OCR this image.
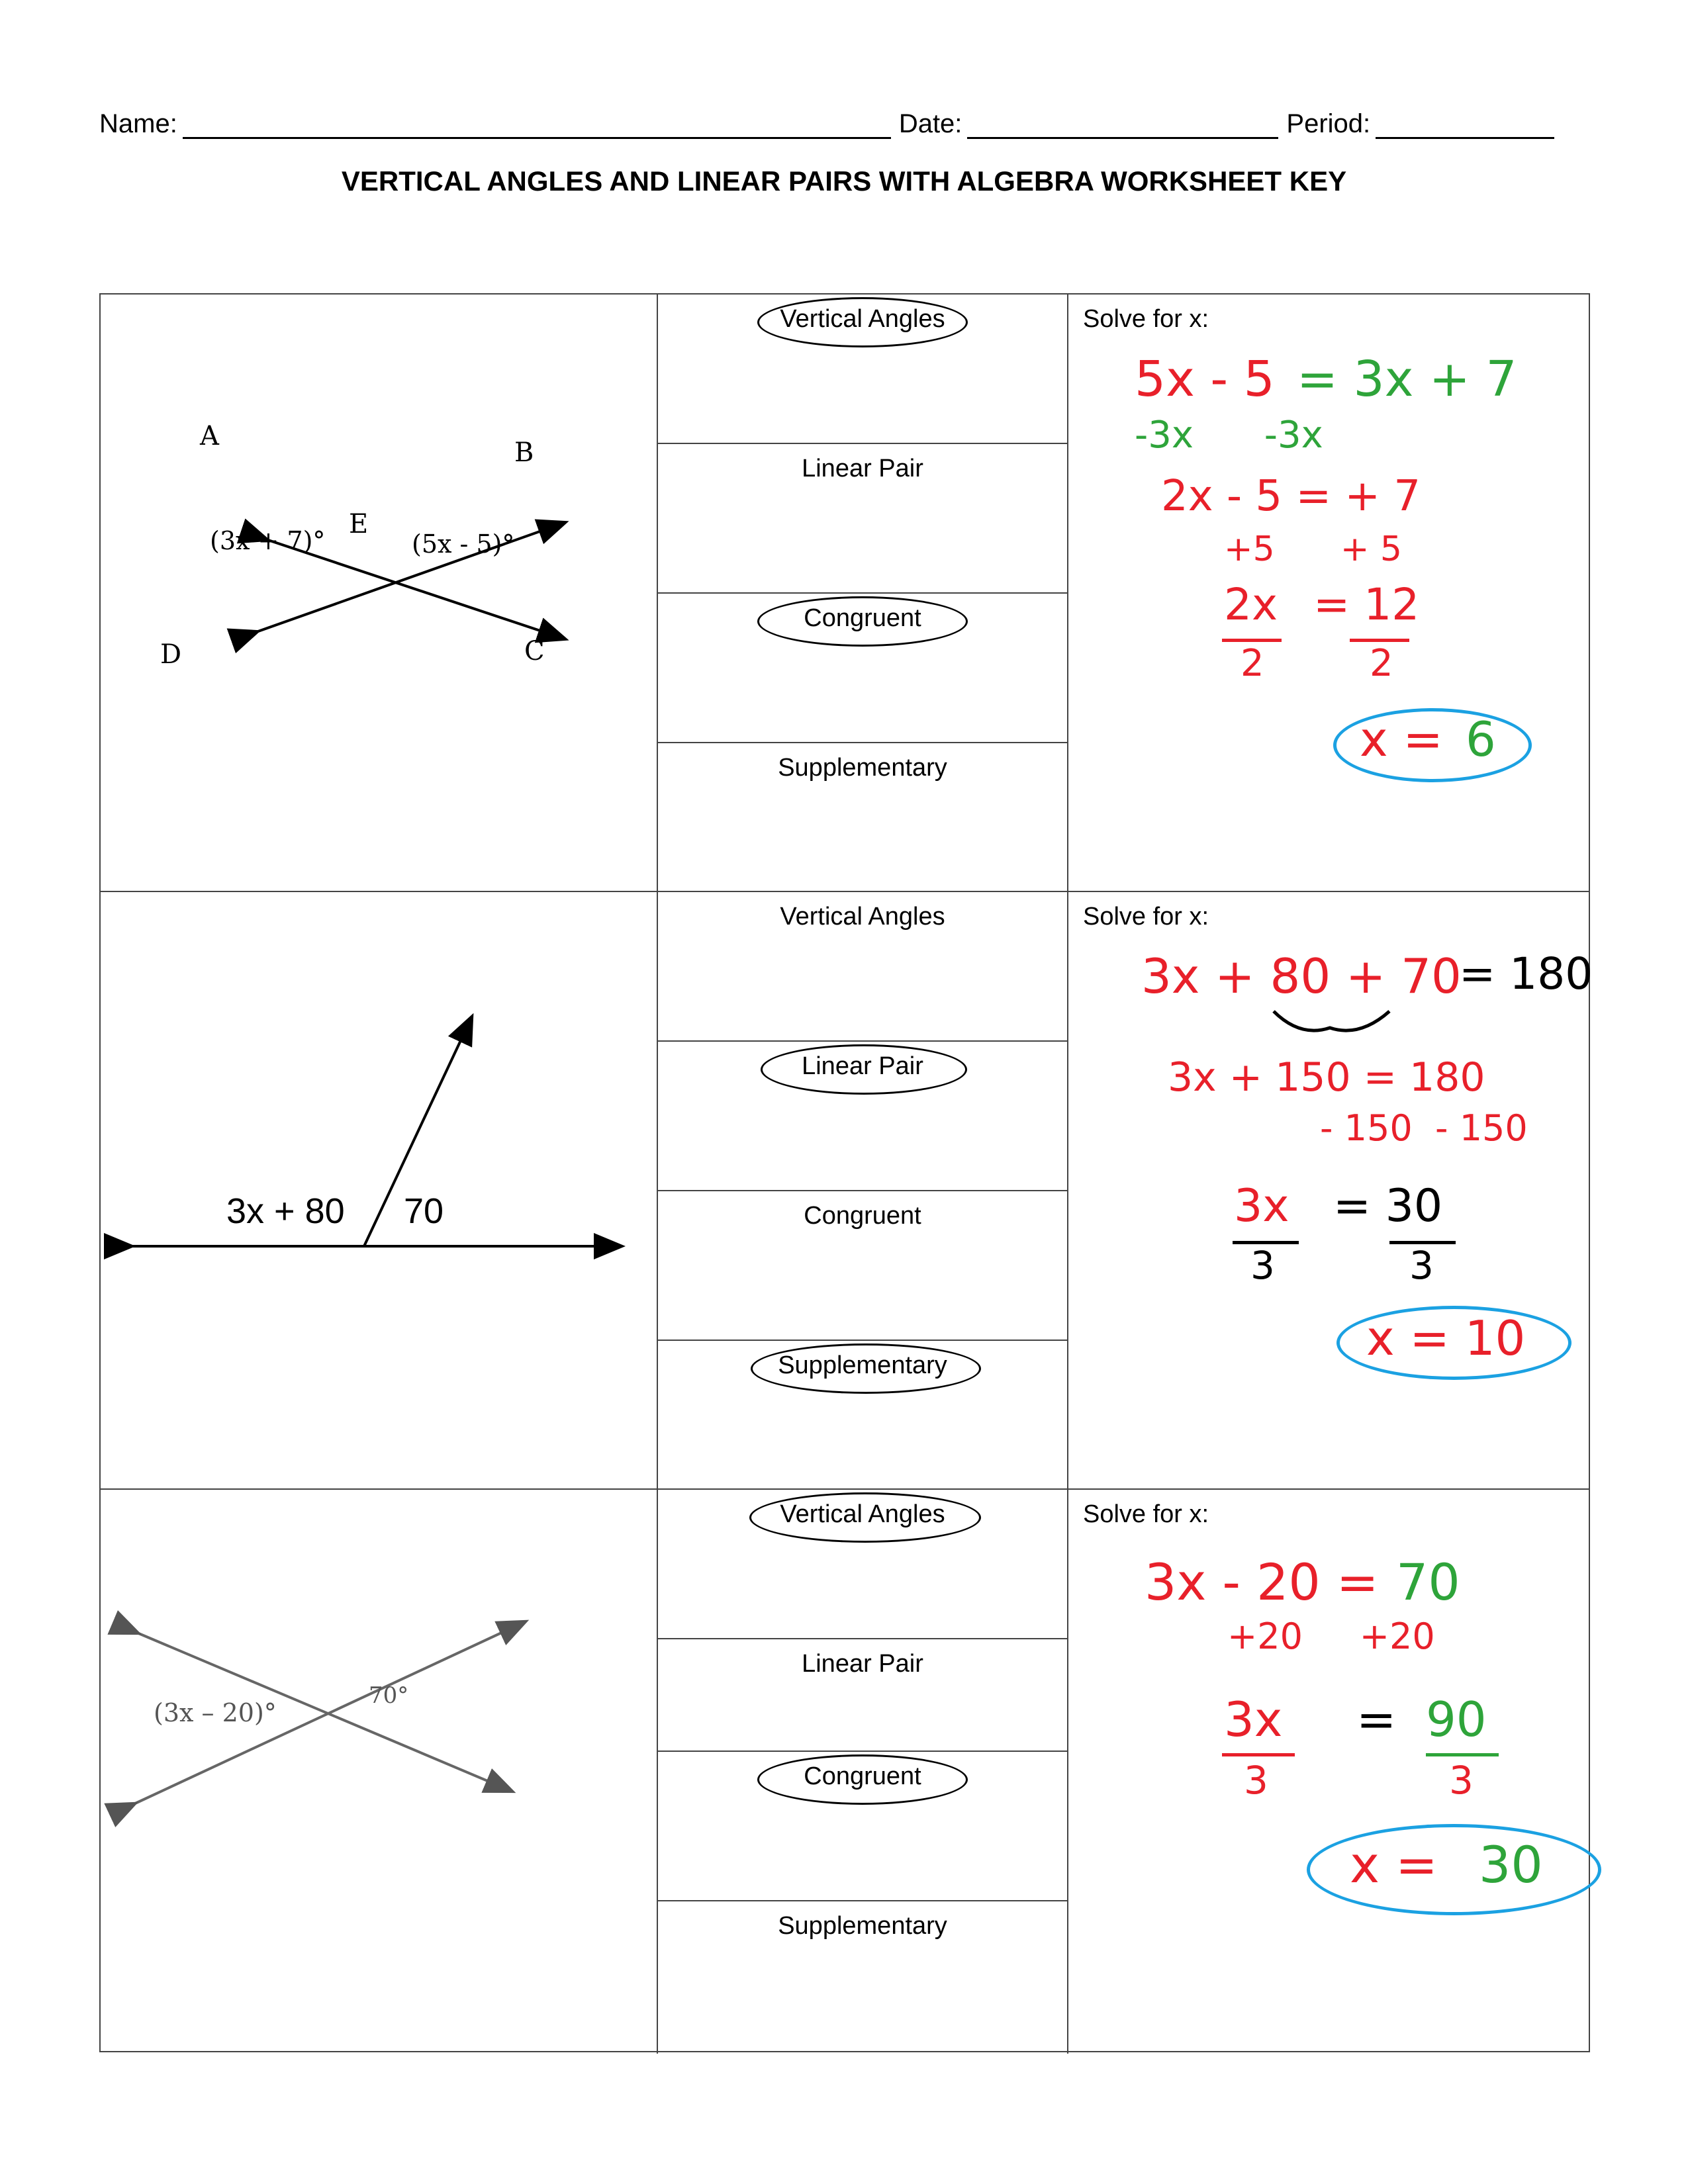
Name:	Date:	Period:
VERTICAL ANGLES AND LINEAR PAIRS WITH ALGEBRA WORKSHEET KEY
A
B
C
D
E
(3x + 7)°	(5x - 5)°
Vertical Angles
Linear Pair
Congruent
Supplementary
Solve for x:
5x - 5 = 3x + 7
-3x      -3x
2x - 5 = + 7
+5      + 5
2x = 12
2	2
x = 6
3x + 80 70
Vertical Angles
Linear Pair
Congruent
Supplementary
Solve for x:
3x + 80 + 70
= 180
3x + 150 = 180
- 150  - 150
3x = 30
3	3
x = 10
(3x – 20)°
70°
Vertical Angles
Linear Pair
Congruent
Supplementary
Solve for x:
3x - 20 = 70
+20     +20
3x = 90
3	3
x = 30
